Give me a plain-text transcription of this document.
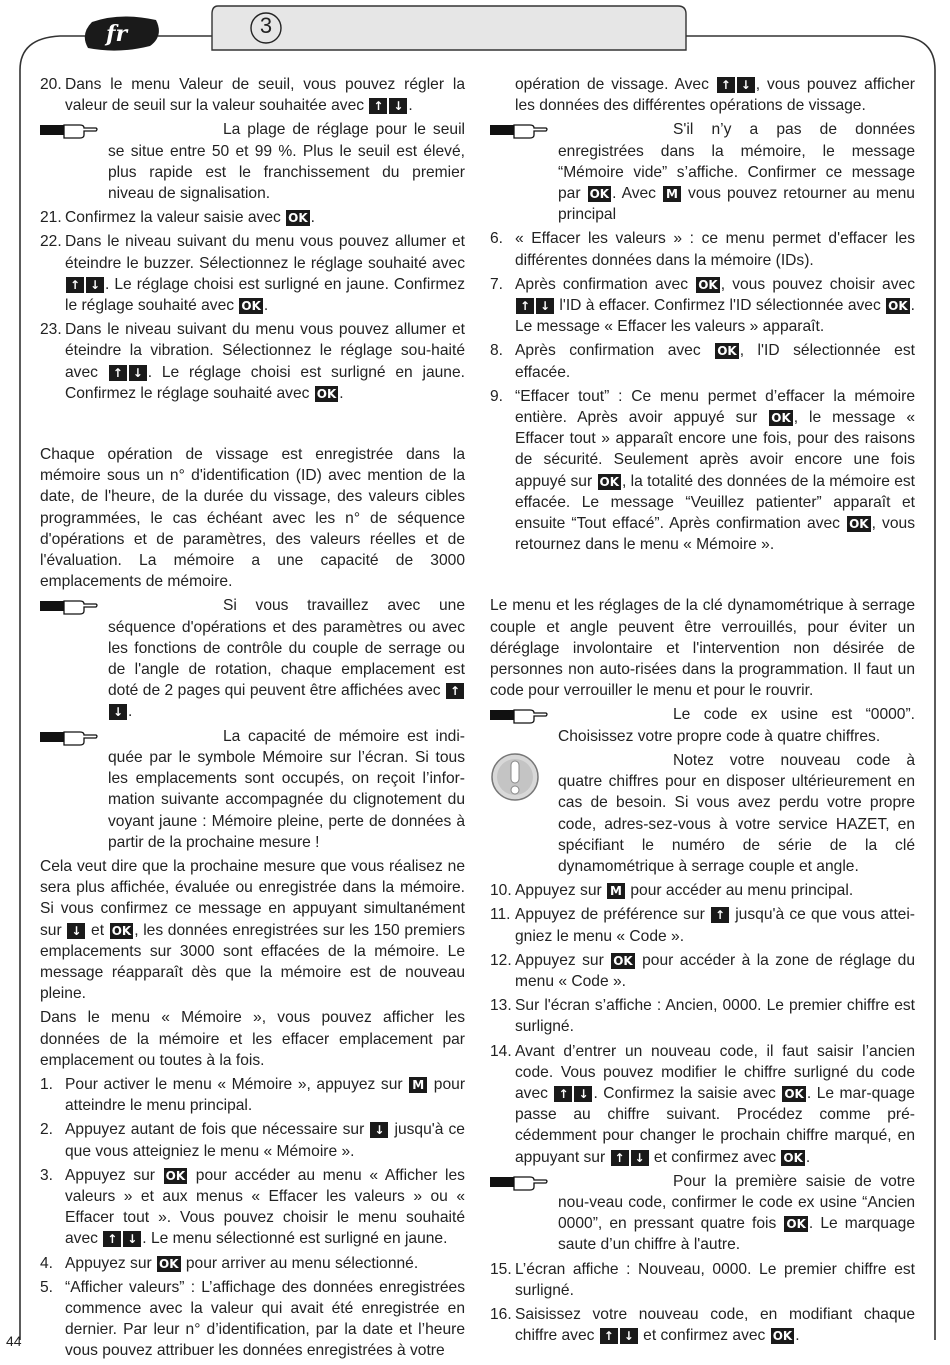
fr	3
20. Dans le menu Valeur de seuil, vous pouvez régler la valeur de seuil sur la valeur souhaitée avec ↑ ↓ .
La plage de réglage pour le seuil se situe entre 50 et 99 %. Plus le seuil est élevé, plus rapide est le franchissement du premier niveau de signalisation.
21. Confirmez la valeur saisie avec OK .
22. Dans le niveau suivant du menu vous pouvez allumer et éteindre le buzzer. Sélectionnez le réglage souhaité avec ↑ ↓ . Le réglage choisi est surligné en jaune. Confirmez le réglage souhaité avec OK .
23. Dans le niveau suivant du menu vous pouvez allumer et éteindre la vibration. Sélectionnez le réglage sou-haité avec ↑ ↓ . Le réglage choisi est surligné en jaune. Confirmez le réglage souhaité avec OK .

Chaque opération de vissage est enregistrée dans la mémoire sous un n° d'identification (ID) avec mention de la date, de l'heure, de la durée du vissage, des valeurs cibles programmées, le cas échéant avec les n° de séquence d'opérations et de paramètres, des valeurs réelles et de l'évaluation. La mémoire a une capacité de 3000 emplacements de mémoire.

Si vous travaillez avec une séquence d'opérations et des paramètres ou avec les fonctions de contrôle du couple de serrage ou de l'angle de rotation, chaque emplacement est doté de 2 pages qui peuvent être affichées avec ↑↓ .
La capacité de mémoire est indi-quée par le symbole Mémoire sur l’écran. Si tous les emplacements sont occupés, on reçoit l’infor-mation suivante accompagnée du clignotement du voyant jaune : Mémoire pleine, perte de données à partir de la prochaine mesure !

Cela veut dire que la prochaine mesure que vous réalisez ne sera plus affichée, évaluée ou enregistrée dans la mémoire. Si vous confirmez ce message en appuyant simultanément sur ↓ et OK , les données enregistrées sur les 150 premiers emplacements sur 3000 sont effacées de la mémoire. Le message réapparaît dès que la mémoire est de nouveau pleine.

Dans le menu « Mémoire », vous pouvez afficher les données de la mémoire et les effacer emplacement par emplacement ou toutes à la fois.

1. Pour activer le menu « Mémoire », appuyez sur M pour atteindre le menu principal.
2. Appuyez autant de fois que nécessaire sur ↓ jusqu'à ce que vous atteigniez le menu « Mémoire ».
3. Appuyez sur OK pour accéder au menu « Afficher les valeurs » et aux menus « Effacer les valeurs » ou « Effacer tout ». Vous pouvez choisir le menu souhaité avec ↑ ↓ . Le menu sélectionné est surligné en jaune.
4. Appuyez sur OK pour arriver au menu sélectionné.
5. “Afficher valeurs” : L’affichage des données enregistrées commence avec la valeur qui avait été enregistrée en dernier. Par leur n° d’identification, par la date et l’heure vous pouvez attribuer les données enregistrées à votre
opération de vissage. Avec ↑ ↓ , vous pouvez afficher les données des différentes opérations de vissage.
S'il n’y a pas de données enregistrées dans la mémoire, le message “Mémoire vide” s’affiche. Confirmer ce message par OK . Avec M vous pouvez retourner au menu principal
6. « Effacer les valeurs » : ce menu permet d'effacer les différentes données dans la mémoire (IDs).
7. Après confirmation avec OK , vous pouvez choisir avec ↑ ↓ l'ID à effacer. Confirmez l'ID sélectionnée avec OK . Le message « Effacer les valeurs » apparaît.
8. Après confirmation avec OK , l'ID sélectionnée est effacée.
9. “Effacer tout” : Ce menu permet d’effacer la mémoire entière. Après avoir appuyé sur OK , le message « Effacer tout » apparaît encore une fois, pour des raisons de sécurité. Seulement après avoir encore une fois appuyé sur OK , la totalité des données de la mémoire est effacée. Le message “Veuillez patienter” apparaît et ensuite “Tout effacé”. Après confirmation avec OK , vous retournez dans le menu « Mémoire ».

Le menu et les réglages de la clé dynamométrique à serrage couple et angle peuvent être verrouillés, pour éviter un déréglage involontaire et l'intervention non désirée de personnes non auto-risées dans la programmation. Il faut un code pour verrouiller le menu et pour le rouvrir.

Le code ex usine est “0000”. Choisissez votre propre code à quatre chiffres.
Notez votre nouveau code à quatre chiffres pour en disposer ultérieurement en cas de besoin. Si vous avez perdu votre propre code, adres-sez-vous à votre service HAZET, en spécifiant le numéro de série de la clé dynamométrique à serrage couple et angle.
10. Appuyez sur M pour accéder au menu principal.
11. Appuyez de préférence sur ↑ jusqu'à ce que vous attei-gniez le menu « Code ».
12. Appuyez sur OK pour accéder à la zone de réglage du menu « Code ».
13. Sur l'écran s’affiche : Ancien, 0000. Le premier chiffre est surligné.
14. Avant d’entrer un nouveau code, il faut saisir l’ancien code. Vous pouvez modifier le chiffre surligné du code avec ↑ ↓ . Confirmez la saisie avec OK . Le mar-quage passe au chiffre suivant. Procédez comme pré-cédemment pour changer le prochain chiffre marqué, en appuyant sur ↑ ↓ et confirmez avec OK .
Pour la première saisie de votre nou-veau code, confirmer le code ex usine “Ancien 0000”, en pressant quatre fois OK . Le marquage saute d’un chiffre à l'autre.
15. L’écran affiche : Nouveau, 0000. Le premier chiffre est surligné.
16. Saisissez votre nouveau code, en modifiant chaque chiffre avec ↑ ↓ et confirmez avec OK .
44
